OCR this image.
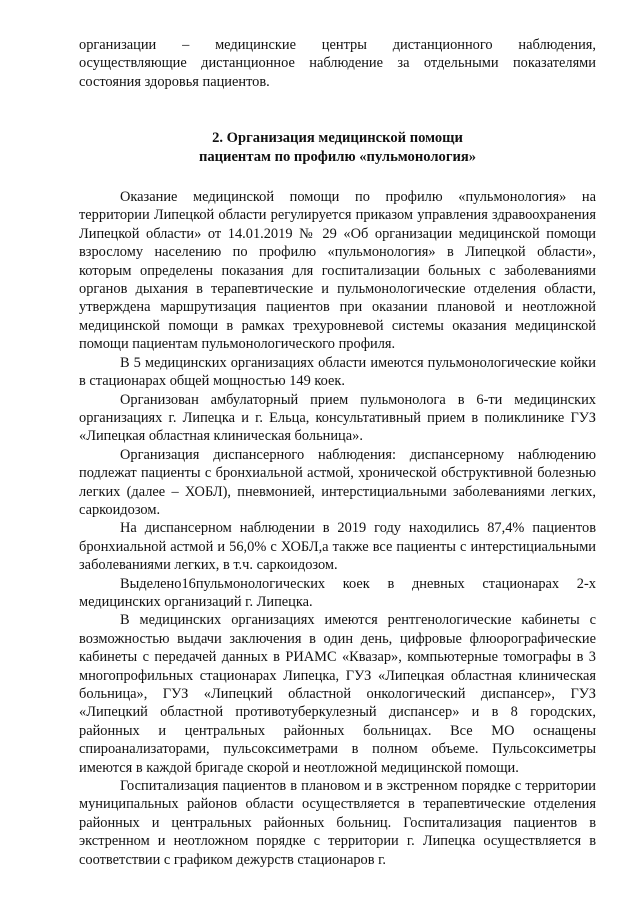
организации – медицинские центры дистанционного наблюдения, осуществляющие дистанционное наблюдение за отдельными показателями состояния здоровья пациентов.

2. Организация медицинской помощи
пациентам по профилю «пульмонология»

Оказание медицинской помощи по профилю «пульмонология» на территории Липецкой области регулируется приказом управления здравоохранения Липецкой области» от 14.01.2019 № 29 «Об организации медицинской помощи взрослому населению по профилю «пульмонология» в Липецкой области», которым определены показания для госпитализации больных с заболеваниями органов дыхания в терапевтические и пульмонологические отделения области, утверждена маршрутизация пациентов при оказании плановой и неотложной медицинской помощи в рамках трехуровневой системы оказания медицинской помощи пациентам пульмонологического профиля.

В 5 медицинских организациях области имеются пульмонологические койки в стационарах общей мощностью 149 коек.

Организован амбулаторный прием пульмонолога в 6-ти медицинских организациях г. Липецка и г. Ельца, консультативный прием в поликлинике ГУЗ «Липецкая областная клиническая больница».

Организация диспансерного наблюдения: диспансерному наблюдению подлежат пациенты с бронхиальной астмой, хронической обструктивной болезнью легких (далее – ХОБЛ), пневмонией, интерстициальными заболеваниями легких, саркоидозом.

На диспансерном наблюдении в 2019 году находились 87,4% пациентов бронхиальной астмой и 56,0% с ХОБЛ,а также все пациенты с интерстициальными заболеваниями легких, в т.ч. саркоидозом.

Выделено16пульмонологических коек в дневных стационарах 2-х медицинских организаций г. Липецка.

В медицинских организациях имеются рентгенологические кабинеты с возможностью выдачи заключения в один день, цифровые флюорографические кабинеты с передачей данных в РИАМС «Квазар», компьютерные томографы в 3 многопрофильных стационарах Липецка, ГУЗ «Липецкая областная клиническая больница», ГУЗ «Липецкий областной онкологический диспансер», ГУЗ «Липецкий областной противотуберкулезный диспансер» и в 8 городских, районных и центральных районных больницах. Все МО оснащены спироанализаторами, пульсоксиметрами в полном объеме. Пульсоксиметры имеются в каждой бригаде скорой и неотложной медицинской помощи.

Госпитализация пациентов в плановом и в экстренном порядке с территории муниципальных районов области осуществляется в терапевтические отделения районных и центральных районных больниц. Госпитализация пациентов в экстренном и неотложном порядке с территории г. Липецка осуществляется в соответствии с графиком дежурств стационаров г.
